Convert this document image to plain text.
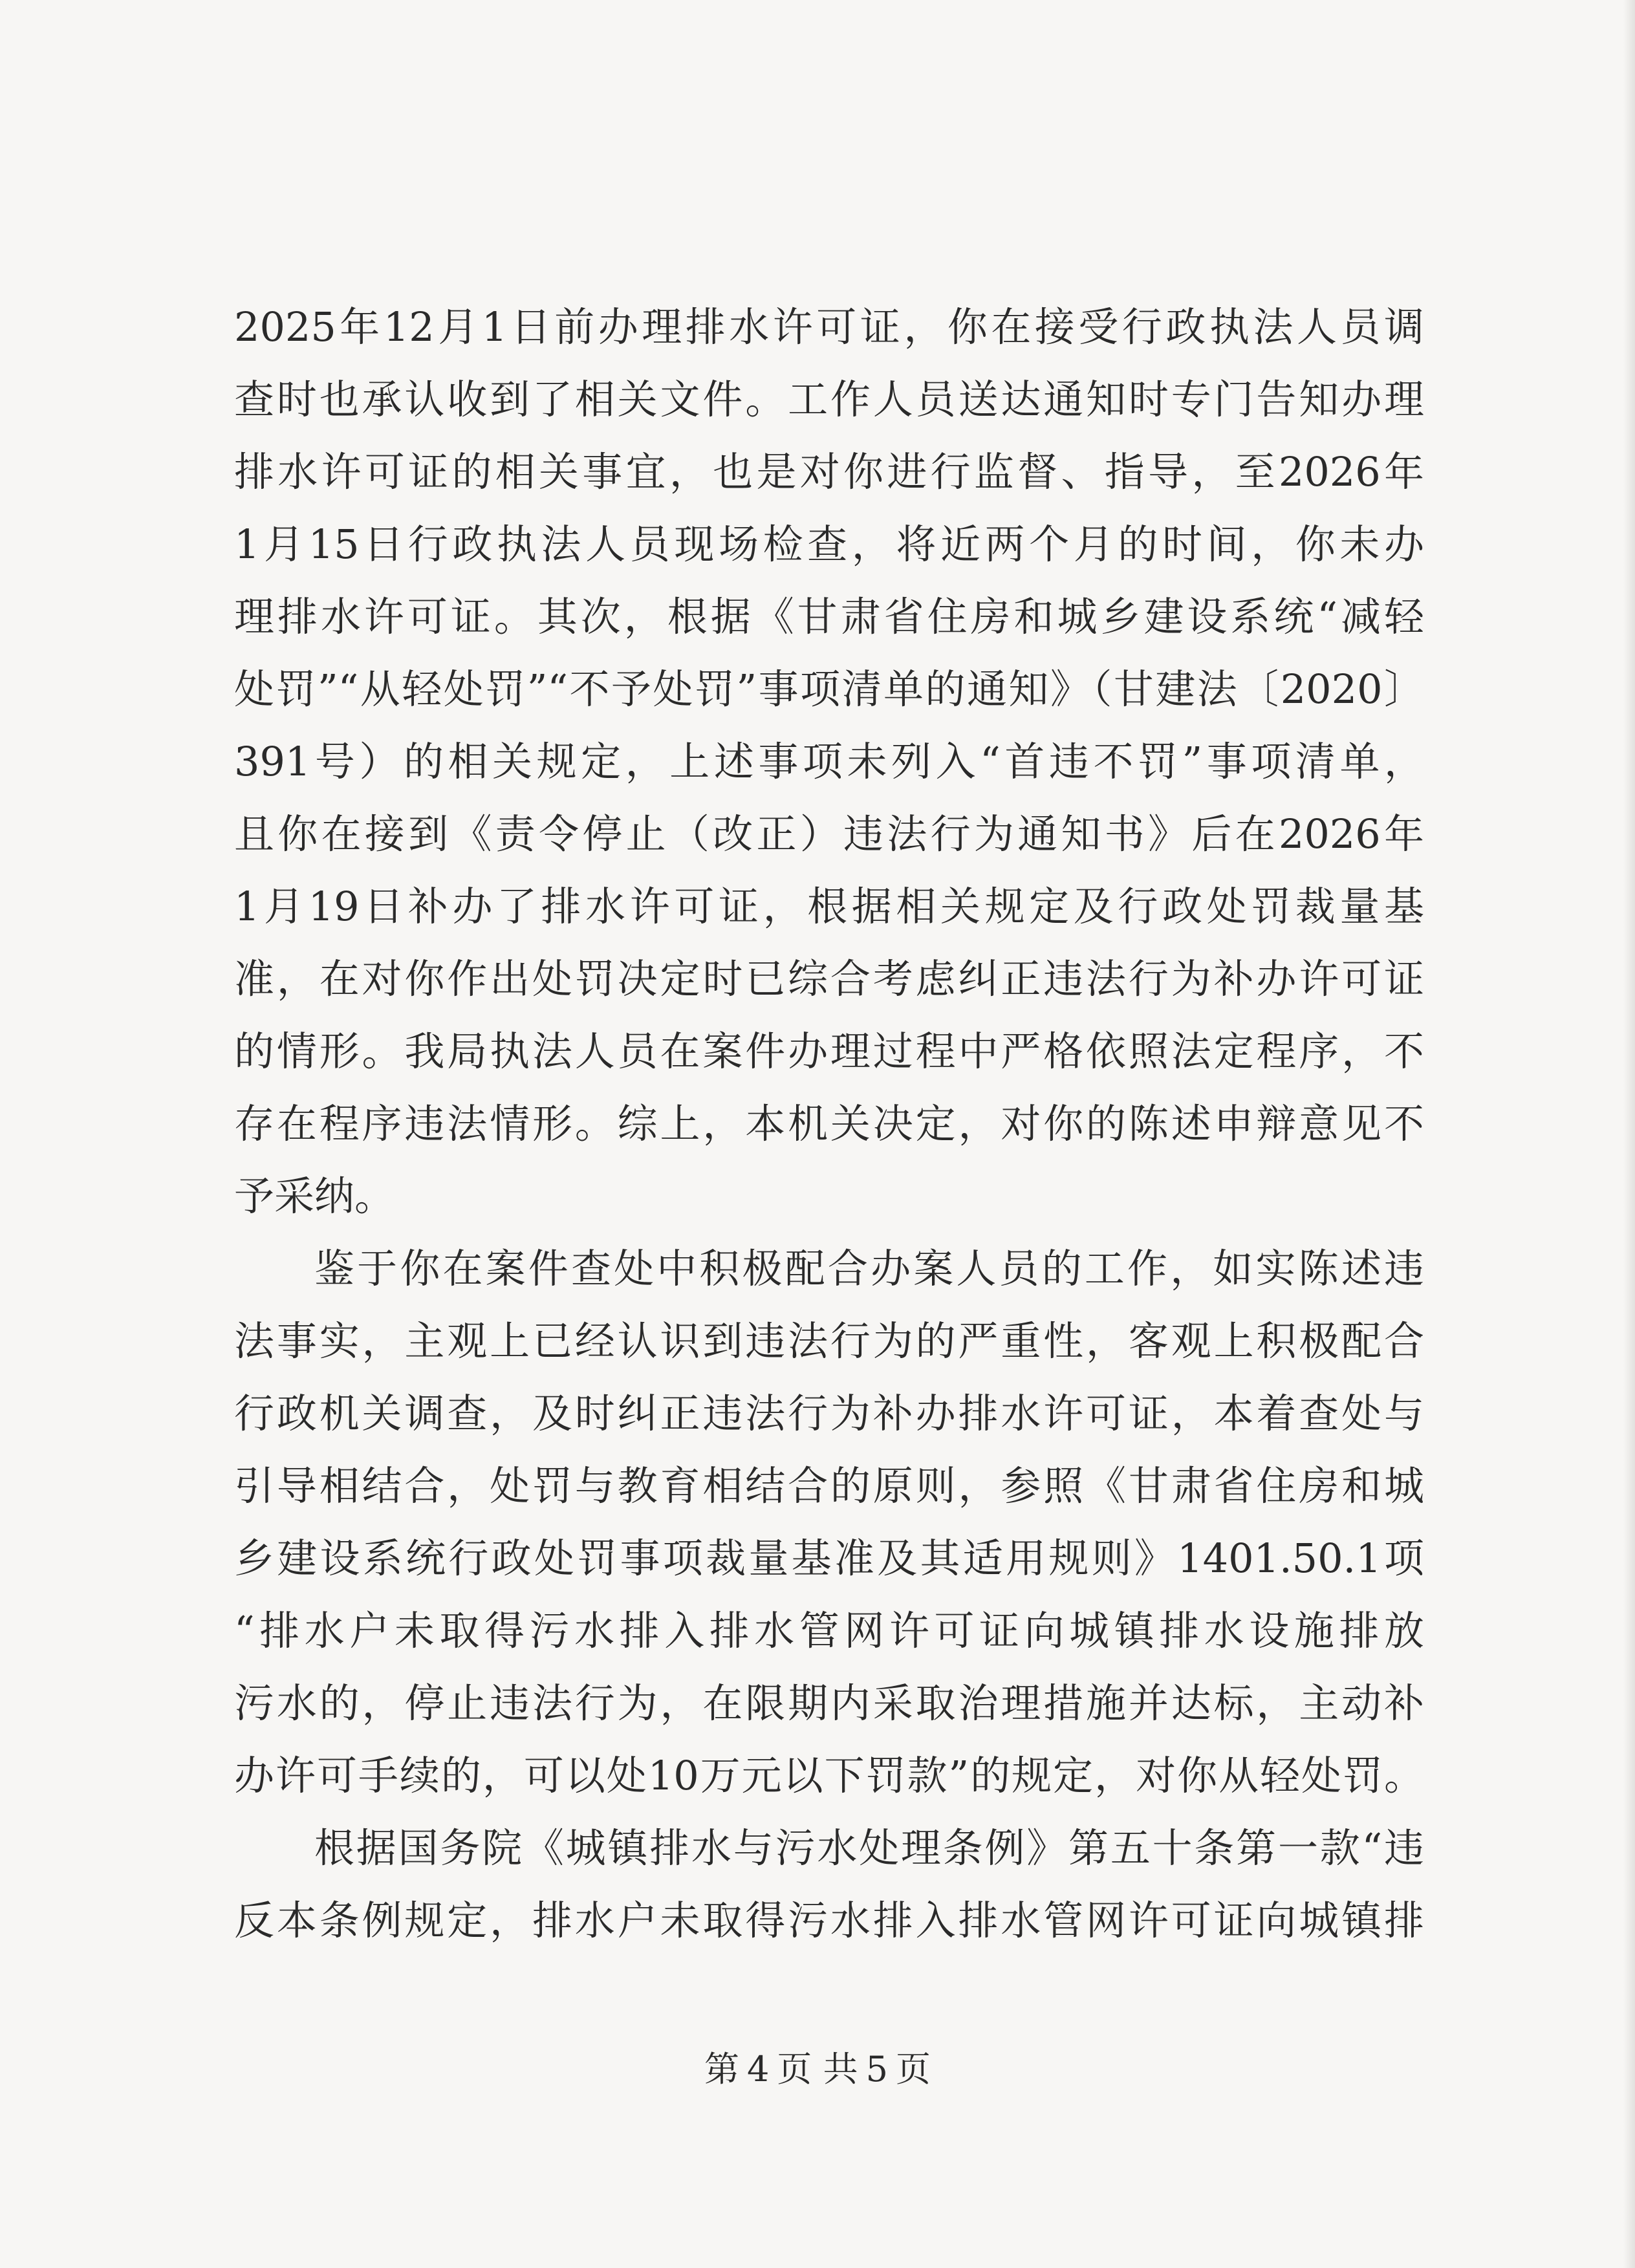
2025年12月1日前办理排水许可证，你在接受行政执法人员调
查时也承认收到了相关文件。工作人员送达通知时专门告知办理
排水许可证的相关事宜，也是对你进行监督、指导，至2026年
1月15日行政执法人员现场检查，将近两个月的时间，你未办
理排水许可证。其次，根据《甘肃省住房和城乡建设系统“减轻
处罚”“从轻处罚”“不予处罚”事项清单的通知》（甘建法〔2020〕
391号）的相关规定，上述事项未列入“首违不罚”事项清单，
且你在接到《责令停止（改正）违法行为通知书》后在2026年
1月19日补办了排水许可证，根据相关规定及行政处罚裁量基
准，在对你作出处罚决定时已综合考虑纠正违法行为补办许可证
的情形。我局执法人员在案件办理过程中严格依照法定程序，不
存在程序违法情形。综上，本机关决定，对你的陈述申辩意见不
予采纳。
鉴于你在案件查处中积极配合办案人员的工作，如实陈述违
法事实，主观上已经认识到违法行为的严重性，客观上积极配合
行政机关调查，及时纠正违法行为补办排水许可证，本着查处与
引导相结合，处罚与教育相结合的原则，参照《甘肃省住房和城
乡建设系统行政处罚事项裁量基准及其适用规则》1401.50.1项
“排水户未取得污水排入排水管网许可证向城镇排水设施排放
污水的，停止违法行为，在限期内采取治理措施并达标，主动补
办许可手续的，可以处10万元以下罚款”的规定，对你从轻处罚。
根据国务院《城镇排水与污水处理条例》第五十条第一款“违
反本条例规定，排水户未取得污水排入排水管网许可证向城镇排
第 4 页 共 5 页
